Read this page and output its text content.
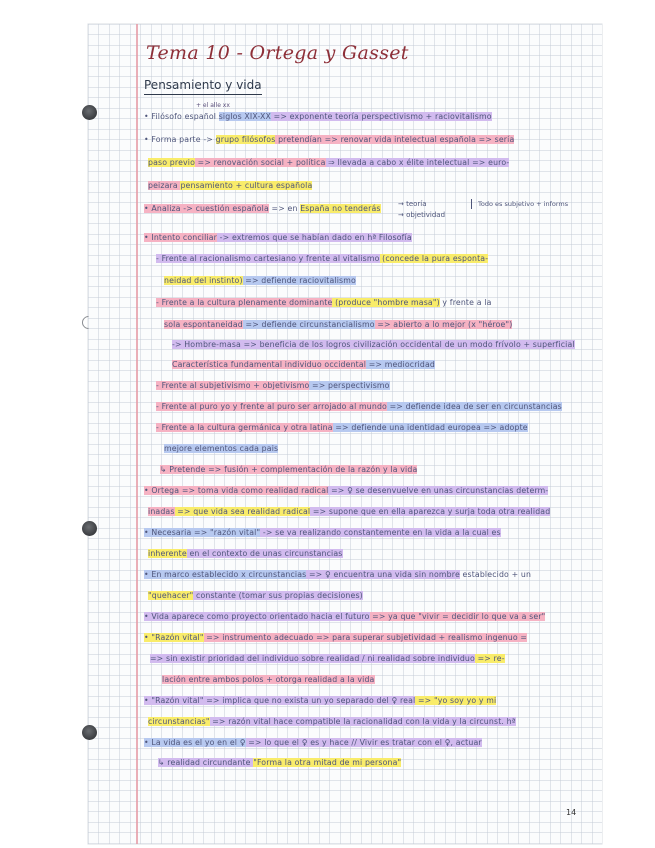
Tema 10 - Ortega y Gasset
Pensamiento y vida
+ el alle xx
• Filósofo español siglos XIX-XX => exponente teoría perspectivismo + raciovitalismo
• Forma parte -> grupo filósofos pretendían => renovar vida intelectual española => sería
paso previo => renovación social + política ⇒ llevada a cabo x élite intelectual => euro-
peizara pensamiento + cultura española
• Analiza -> cuestión española => en España no tenderás
• Intento conciliar -> extremos que se habían dado en hª Filosofía
- Frente al racionalismo cartesiano y frente al vitalismo (concede la pura esponta-
neidad del instinto) => defiende raciovitalismo
- Frente a la cultura plenamente dominante (produce "hombre masa") y frente a la
sola espontaneidad => defiende circunstancialismo => abierto a lo mejor (x "héroe")
-> Hombre-masa => beneficia de los logros civilización occidental de un modo frívolo + superficial
Característica fundamental individuo occidental => mediocridad
- Frente al subjetivismo + objetivismo => perspectivismo
- Frente al puro yo y frente al puro ser arrojado al mundo => defiende idea de ser en circunstancias
- Frente a la cultura germánica y otra latina => defiende una identidad europea => adopte
mejore elementos cada pais
↳ Pretende => fusión + complementación de la razón y la vida
• Ortega => toma vida como realidad radical => ♀ se desenvuelve en unas circunstancias determ-
inadas => que vida sea realidad radical => supone que en ella aparezca y surja toda otra realidad
• Necesaria => "razón vital" -> se va realizando constantemente en la vida a la cual es
inherente en el contexto de unas circunstancias
• En marco establecido x circunstancias => ♀ encuentra una vida sin nombre establecido + un
"quehacer" constante (tomar sus propias decisiones)
• Vida aparece como proyecto orientado hacia el futuro => ya que "vivir = decidir lo que va a ser"
• "Razón vital" => instrumento adecuado => para superar subjetividad + realismo ingenuo =
=> sin existir prioridad del individuo sobre realidad / ni realidad sobre individuo => re-
lación entre ambos polos + otorga realidad a la vida
• "Razón vital" => implica que no exista un yo separado del ♀ real => "yo soy yo y mi
circunstancias" => razón vital hace compatible la racionalidad con la vida y la circunst. hª
• La vida es el yo en el ♀ => lo que el ♀ es y hace // Vivir es tratar con el ♀, actuar
↳ realidad circundante "Forma la otra mitad de mi persona"
→ teoría
→ objetividad
Todo es subjetivo + informs
14
